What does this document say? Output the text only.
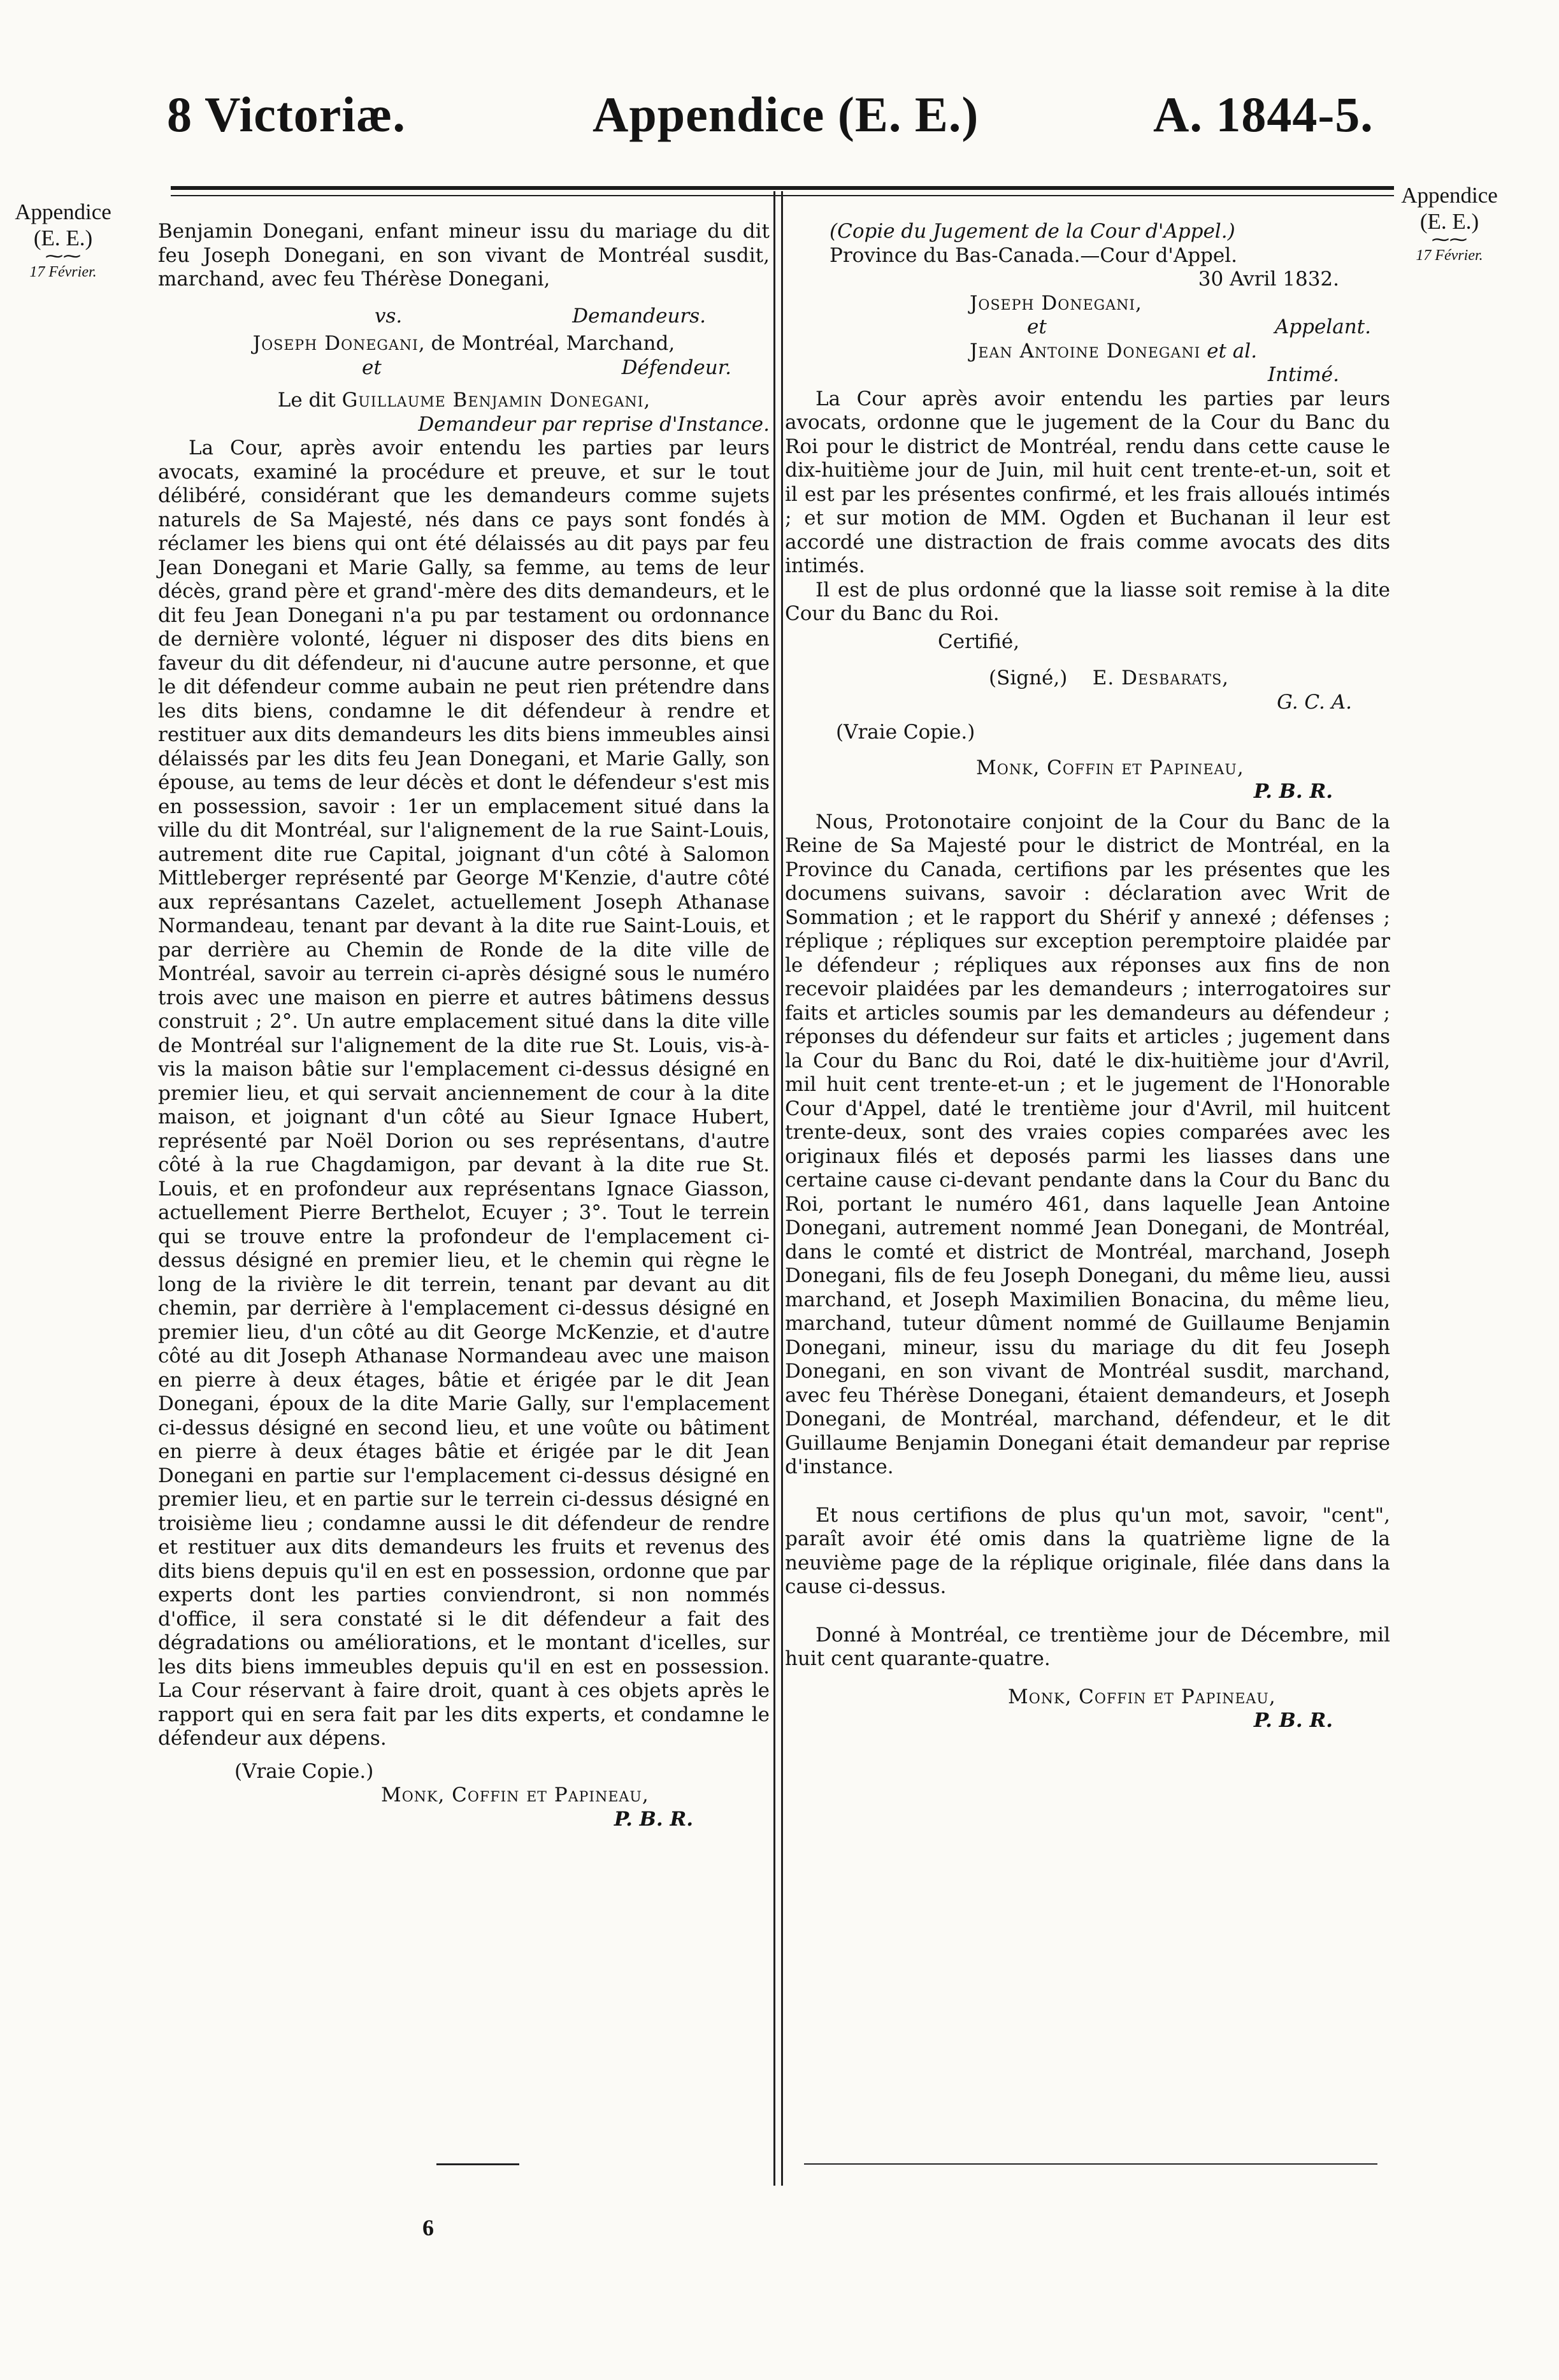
8 Victoriæ.	Appendice (E. E.)	A. 1844-5.
Appendice
(E. E.)
⁓⁓
17 Février.
Appendice
(E. E.)
⁓⁓
17 Février.

Benjamin Donegani, enfant mineur issu du mariage du dit feu Joseph Donegani, en son vivant de Montréal susdit, marchand, avec feu Thérèse Donegani,

vs.	Demandeurs.

Joseph Donegani, de Montréal, Marchand,

et	Défendeur.

Le dit Guillaume Benjamin Donegani,

Demandeur par reprise d'Instance.

La Cour, après avoir entendu les parties par leurs avocats, examiné la procédure et preuve, et sur le tout délibéré, considérant que les demandeurs comme sujets naturels de Sa Majesté, nés dans ce pays sont fondés à réclamer les biens qui ont été délaissés au dit pays par feu Jean Donegani et Marie Gally, sa femme, au tems de leur décès, grand père et grand'-mère des dits demandeurs, et le dit feu Jean Donegani n'a pu par testament ou ordonnance de dernière volonté, léguer ni disposer des dits biens en faveur du dit défendeur, ni d'aucune autre personne, et que le dit défendeur comme aubain ne peut rien prétendre dans les dits biens, condamne le dit défendeur à rendre et restituer aux dits demandeurs les dits biens immeubles ainsi délaissés par les dits feu Jean Donegani, et Marie Gally, son épouse, au tems de leur décès et dont le défendeur s'est mis en possession, savoir : 1er un emplacement situé dans la ville du dit Montréal, sur l'alignement de la rue Saint-Louis, autrement dite rue Capital, joignant d'un côté à Salomon Mittleberger représenté par George M'Kenzie, d'autre côté aux représantans Cazelet, actuellement Joseph Athanase Normandeau, tenant par devant à la dite rue Saint-Louis, et par derrière au Chemin de Ronde de la dite ville de Montréal, savoir au terrein ci-après désigné sous le numéro trois avec une maison en pierre et autres bâtimens dessus construit ; 2°. Un autre emplacement situé dans la dite ville de Montréal sur l'alignement de la dite rue St. Louis, vis-à-vis la maison bâtie sur l'emplacement ci-dessus désigné en premier lieu, et qui servait anciennement de cour à la dite maison, et joignant d'un côté au Sieur Ignace Hubert, représenté par Noël Dorion ou ses représentans, d'autre côté à la rue Chagdamigon, par devant à la dite rue St. Louis, et en profondeur aux représentans Ignace Giasson, actuellement Pierre Berthelot, Ecuyer ; 3°. Tout le terrein qui se trouve entre la profondeur de l'emplacement ci-dessus désigné en premier lieu, et le chemin qui règne le long de la rivière le dit terrein, tenant par devant au dit chemin, par derrière à l'emplacement ci-dessus désigné en premier lieu, d'un côté au dit George McKenzie, et d'autre côté au dit Joseph Athanase Normandeau avec une maison en pierre à deux étages, bâtie et érigée par le dit Jean Donegani, époux de la dite Marie Gally, sur l'emplacement ci-dessus désigné en second lieu, et une voûte ou bâtiment en pierre à deux étages bâtie et érigée par le dit Jean Donegani en partie sur l'emplacement ci-dessus désigné en premier lieu, et en partie sur le terrein ci-dessus désigné en troisième lieu ; condamne aussi le dit défendeur de rendre et restituer aux dits demandeurs les fruits et revenus des dits biens depuis qu'il en est en possession, ordonne que par experts dont les parties conviendront, si non nommés d'office, il sera constaté si le dit défendeur a fait des dégradations ou améliorations, et le montant d'icelles, sur les dits biens immeubles depuis qu'il en est en possession. La Cour réservant à faire droit, quant à ces objets après le rapport qui en sera fait par les dits experts, et condamne le défendeur aux dépens.

(Vraie Copie.)

Monk, Coffin et Papineau,

P. B. R.

(Copie du Jugement de la Cour d'Appel.)

Province du Bas-Canada.—Cour d'Appel.

30 Avril 1832.

Joseph Donegani,

et	Appelant.

Jean Antoine Donegani et al.

Intimé.

La Cour après avoir entendu les parties par leurs avocats, ordonne que le jugement de la Cour du Banc du Roi pour le district de Montréal, rendu dans cette cause le dix-huitième jour de Juin, mil huit cent trente-et-un, soit et il est par les présentes confirmé, et les frais alloués intimés ; et sur motion de MM. Ogden et Buchanan il leur est accordé une distraction de frais comme avocats des dits intimés.

Il est de plus ordonné que la liasse soit remise à la dite Cour du Banc du Roi.

Certifié,

(Signé,) E. Desbarats,

G. C. A.

(Vraie Copie.)

Monk, Coffin et Papineau,

P. B. R.

Nous, Protonotaire conjoint de la Cour du Banc de la Reine de Sa Majesté pour le district de Montréal, en la Province du Canada, certifions par les présentes que les documens suivans, savoir : déclaration avec Writ de Sommation ; et le rapport du Shérif y annexé ; défenses ; réplique ; répliques sur exception peremptoire plaidée par le défendeur ; répliques aux réponses aux fins de non recevoir plaidées par les demandeurs ; interrogatoires sur faits et articles soumis par les demandeurs au défendeur ; réponses du défendeur sur faits et articles ; jugement dans la Cour du Banc du Roi, daté le dix-huitième jour d'Avril, mil huit cent trente-et-un ; et le jugement de l'Honorable Cour d'Appel, daté le trentième jour d'Avril, mil huitcent trente-deux, sont des vraies copies comparées avec les originaux filés et deposés parmi les liasses dans une certaine cause ci-devant pendante dans la Cour du Banc du Roi, portant le numéro 461, dans laquelle Jean Antoine Donegani, autrement nommé Jean Donegani, de Montréal, dans le comté et district de Montréal, marchand, Joseph Donegani, fils de feu Joseph Donegani, du même lieu, aussi marchand, et Joseph Maximilien Bonacina, du même lieu, marchand, tuteur dûment nommé de Guillaume Benjamin Donegani, mineur, issu du mariage du dit feu Joseph Donegani, en son vivant de Montréal susdit, marchand, avec feu Thérèse Donegani, étaient demandeurs, et Joseph Donegani, de Montréal, marchand, défendeur, et le dit Guillaume Benjamin Donegani était demandeur par reprise d'instance.

Et nous certifions de plus qu'un mot, savoir, "cent", paraît avoir été omis dans la quatrième ligne de la neuvième page de la réplique originale, filée dans dans la cause ci-dessus.

Donné à Montréal, ce trentième jour de Décembre, mil huit cent quarante-quatre.

Monk, Coffin et Papineau,

P. B. R.

6
